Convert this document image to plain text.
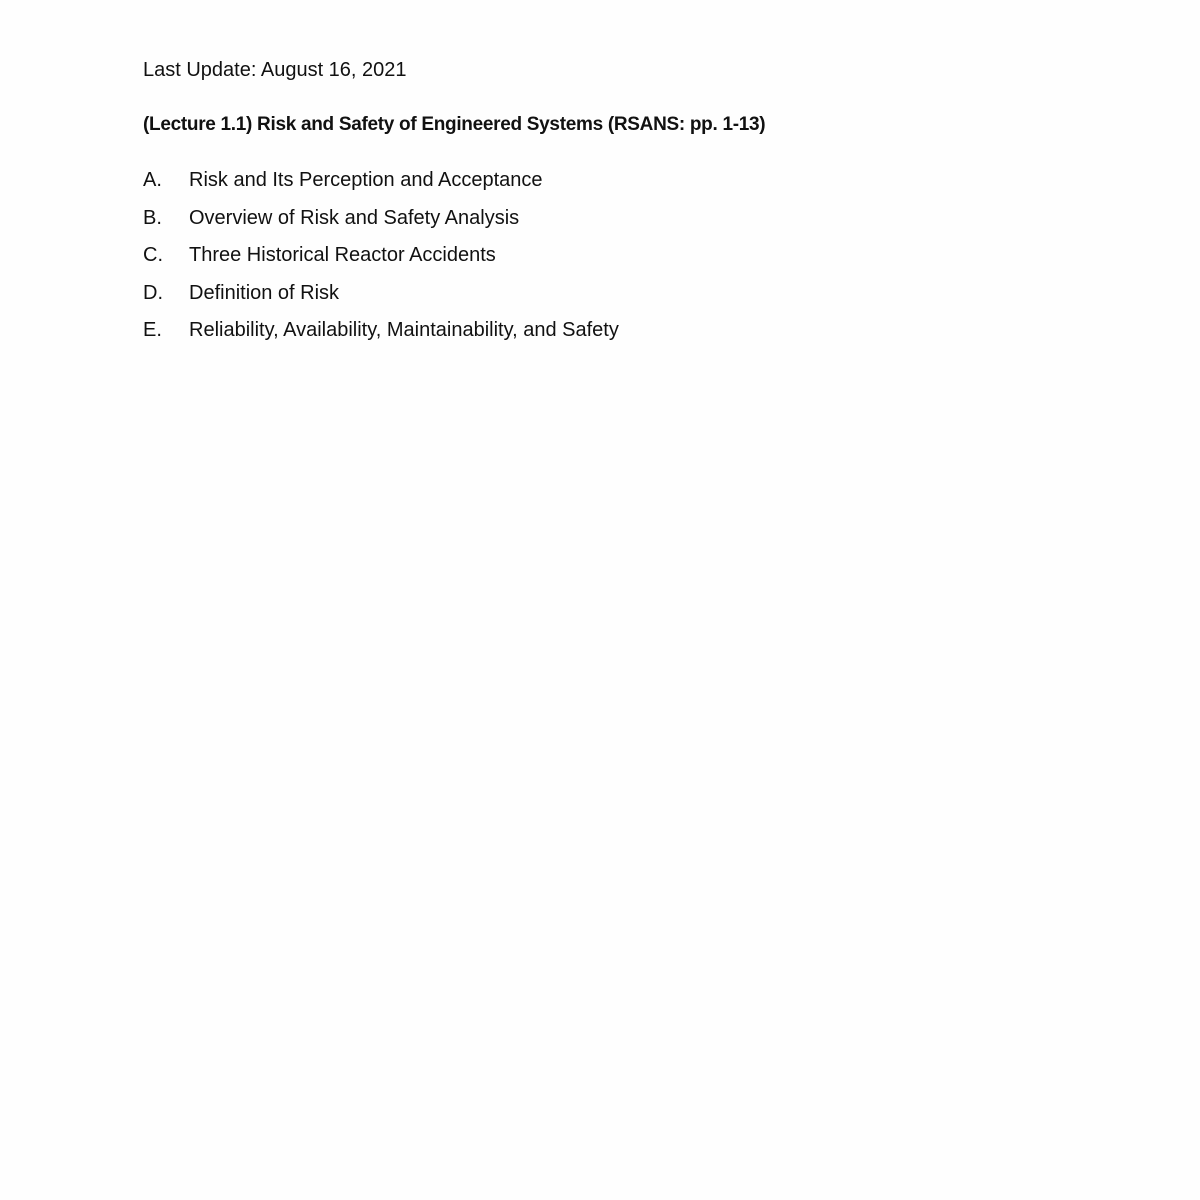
Last Update: August 16, 2021
(Lecture 1.1) Risk and Safety of Engineered Systems (RSANS: pp. 1-13)
A. Risk and Its Perception and Acceptance
B. Overview of Risk and Safety Analysis
C. Three Historical Reactor Accidents
D. Definition of Risk
E. Reliability, Availability, Maintainability, and Safety
